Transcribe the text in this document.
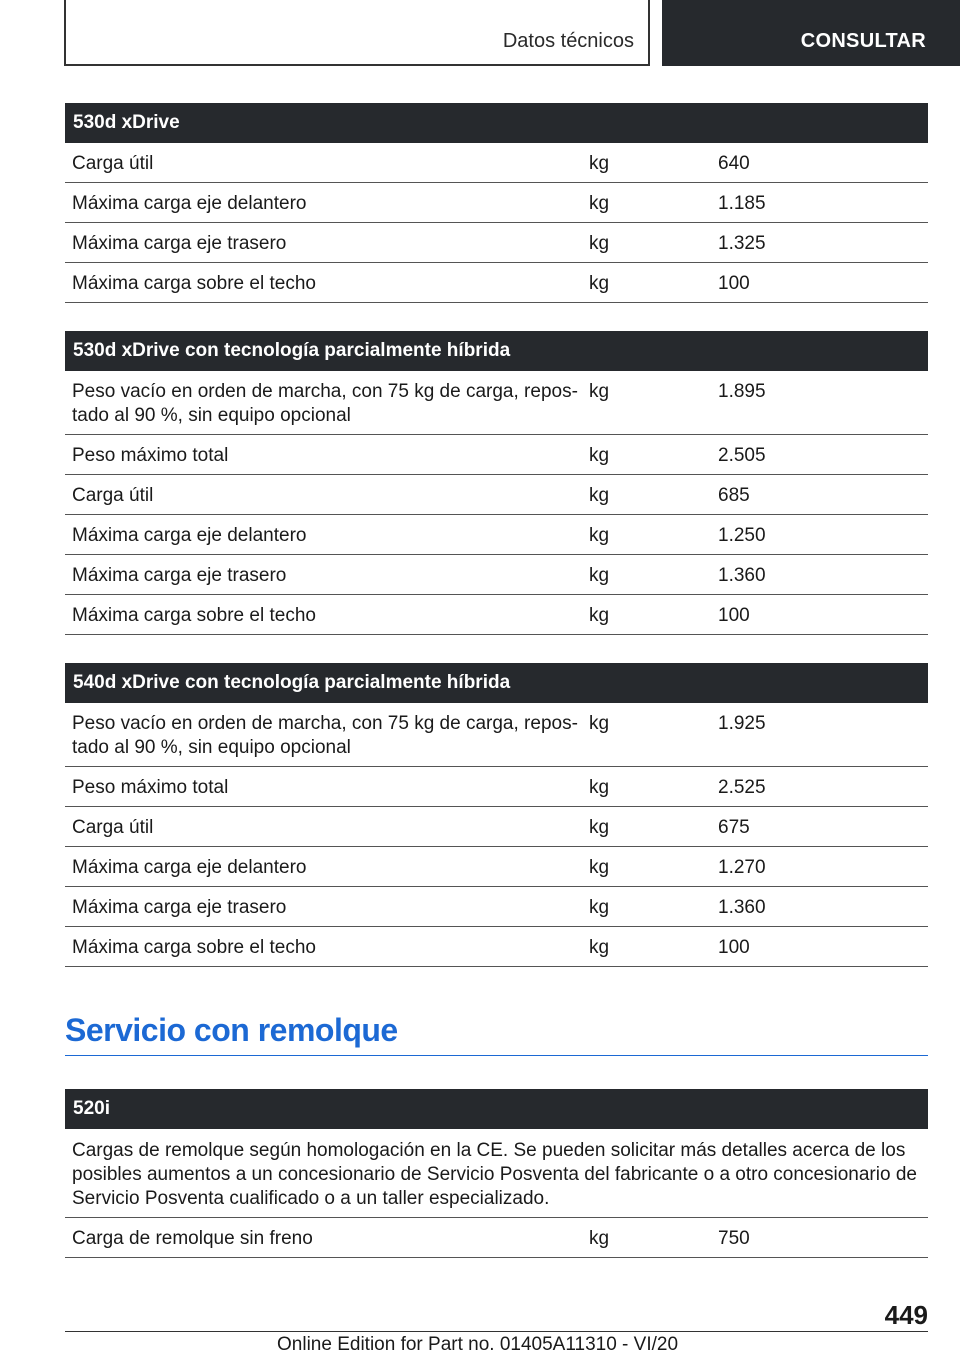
Datos técnicos	CONSULTAR
530d xDrive
Carga útil	kg	640
Máxima carga eje delantero	kg	1.185
Máxima carga eje trasero	kg	1.325
Máxima carga sobre el techo	kg	100
530d xDrive con tecnología parcialmente híbrida
Peso vacío en orden de marcha, con 75 kg de carga, repos-
tado al 90 %, sin equipo opcional
kg	1.895
Peso máximo total	kg	2.505
Carga útil	kg	685
Máxima carga eje delantero	kg	1.250
Máxima carga eje trasero	kg	1.360
Máxima carga sobre el techo	kg	100
540d xDrive con tecnología parcialmente híbrida
Peso vacío en orden de marcha, con 75 kg de carga, repos-
tado al 90 %, sin equipo opcional
kg	1.925
Peso máximo total	kg	2.525
Carga útil	kg	675
Máxima carga eje delantero	kg	1.270
Máxima carga eje trasero	kg	1.360
Máxima carga sobre el techo	kg	100
Servicio con remolque
520i
Cargas de remolque según homologación en la CE. Se pueden solicitar más detalles acerca de los posibles aumentos a un concesionario de Servicio Posventa del fabricante o a otro concesionario de Servicio Posventa cualificado o a un taller especializado.
Carga de remolque sin freno	kg	750
449
Online Edition for Part no. 01405A11310 - VI/20
